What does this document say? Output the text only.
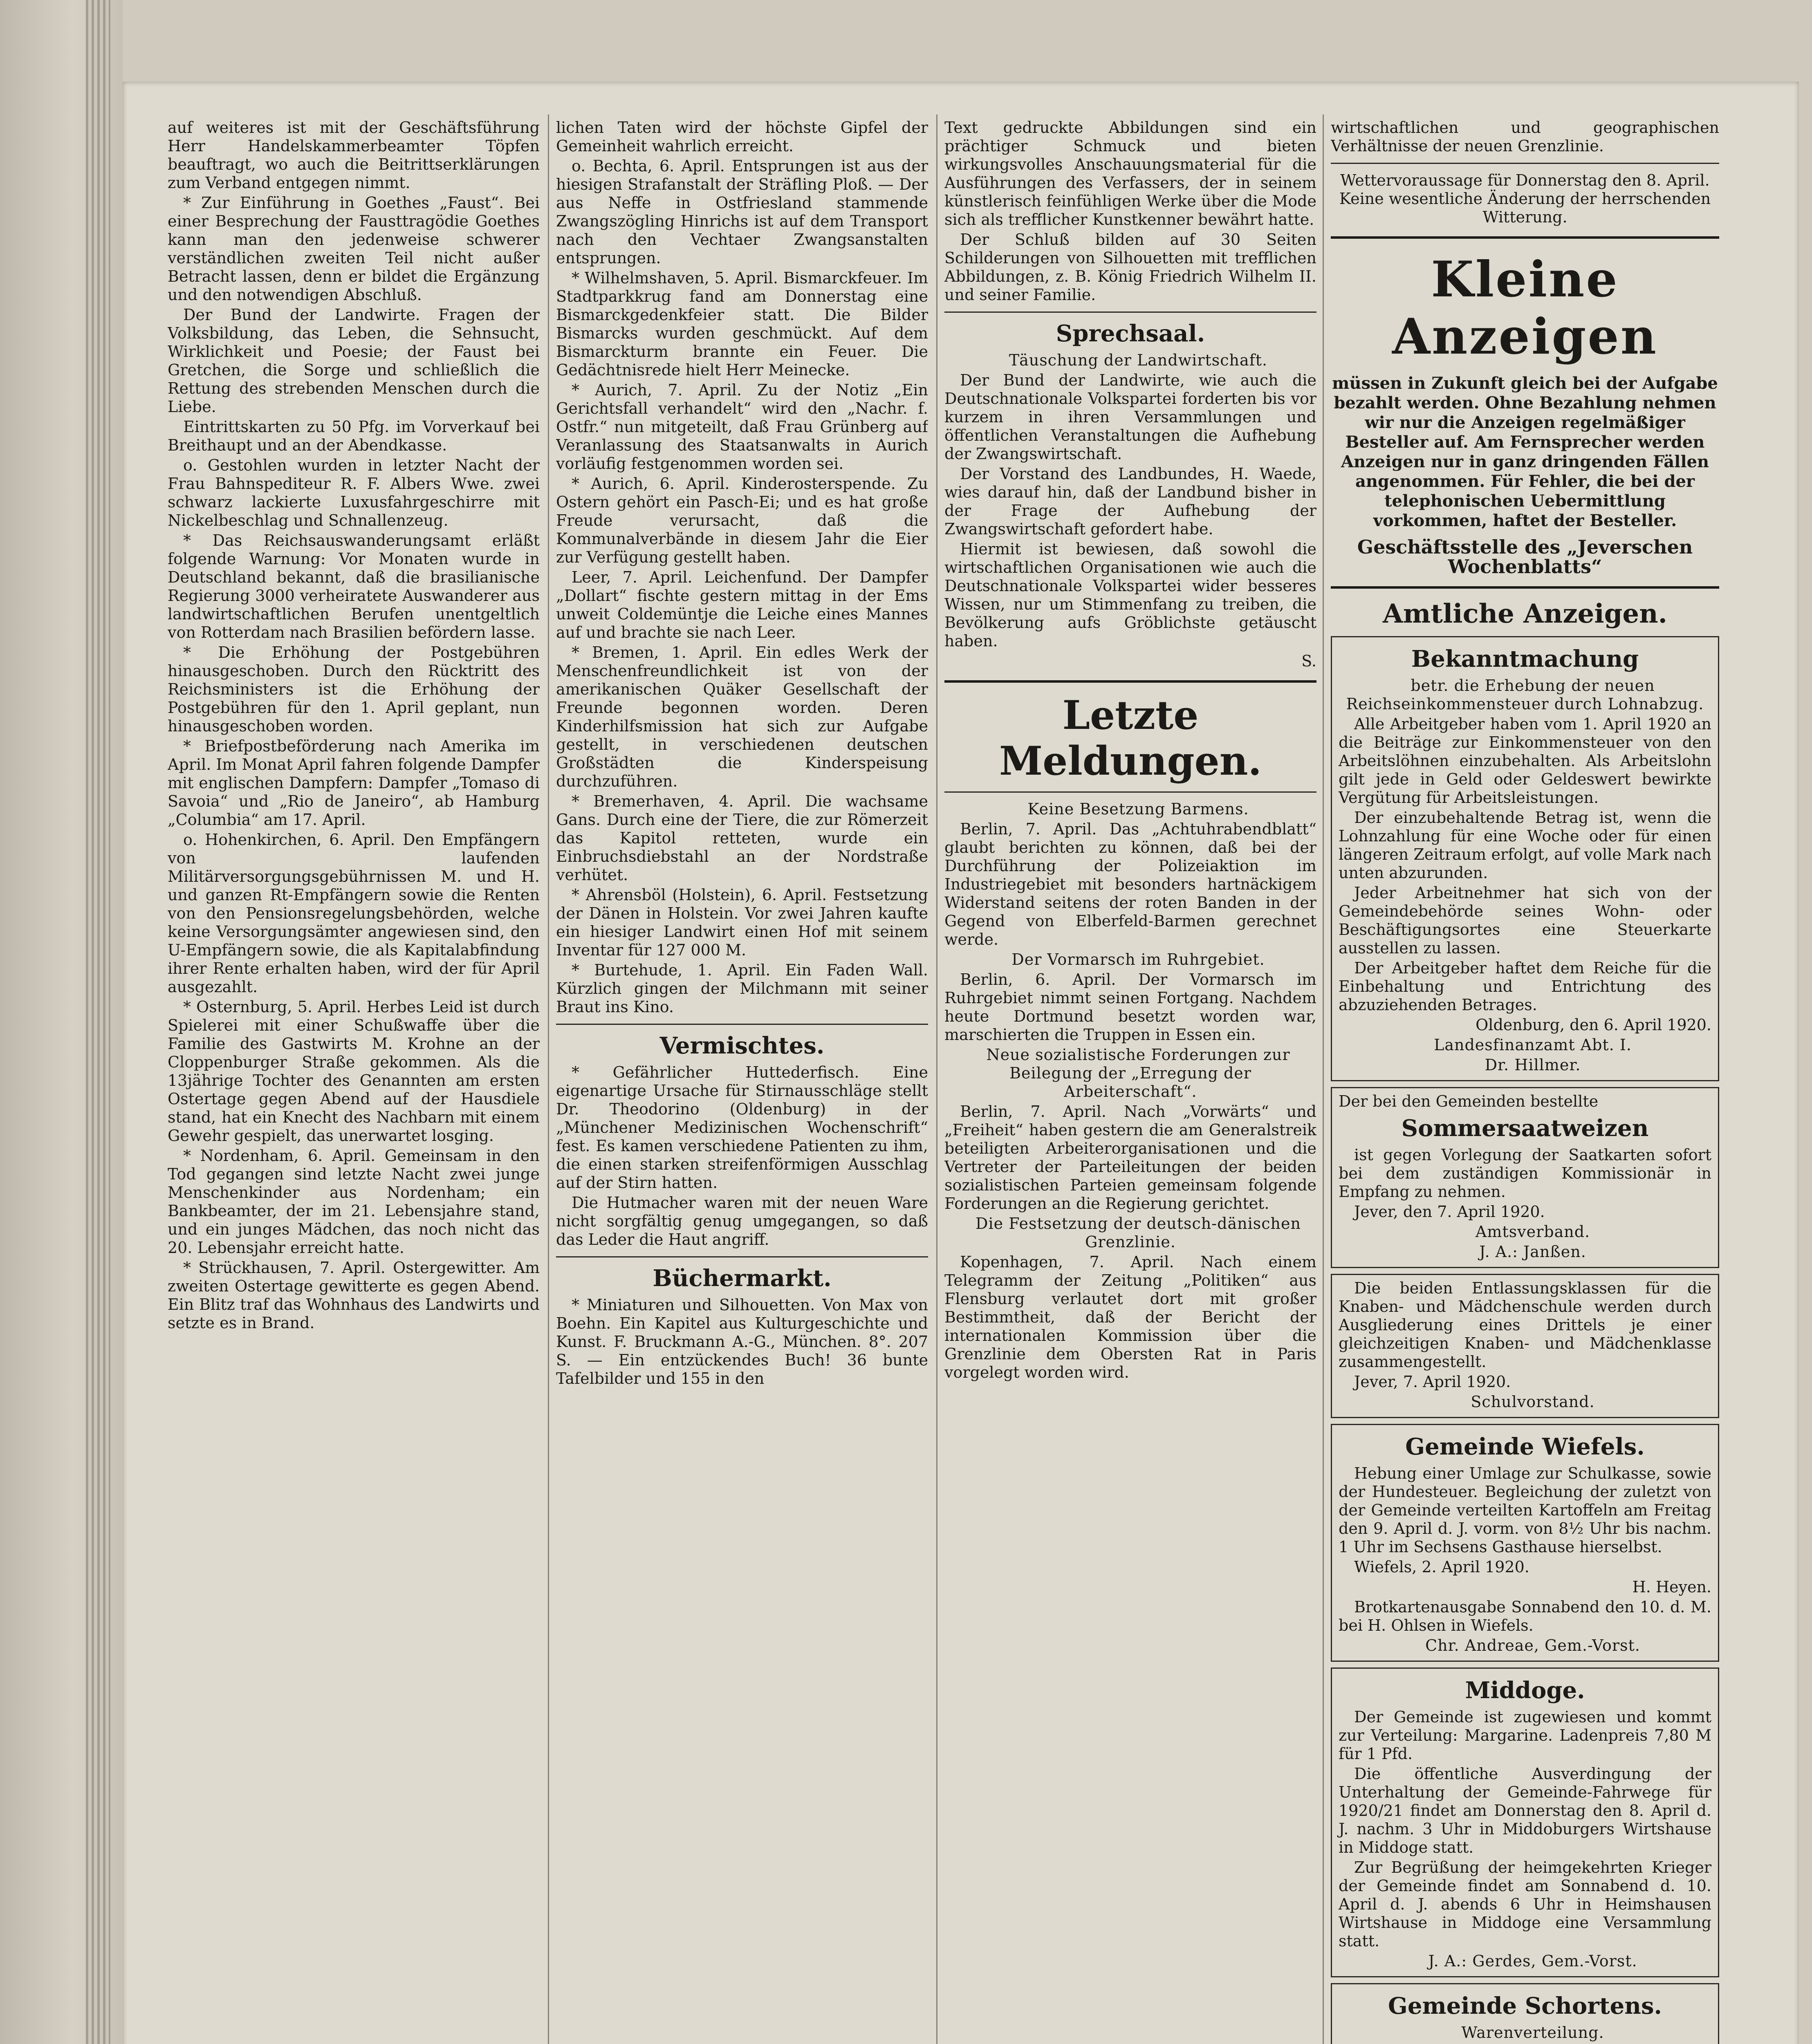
auf weiteres ist mit der Geschäftsführung Herr Handelskammerbeamter Töpfen beauftragt, wo auch die Beitrittserklärungen zum Verband entgegen nimmt.

* Zur Einführung in Goethes „Faust“. Bei einer Besprechung der Fausttragödie Goethes kann man den jedenweise schwerer verständlichen zweiten Teil nicht außer Betracht lassen, denn er bildet die Ergänzung und den notwendigen Abschluß.

Der Bund der Landwirte. Fragen der Volksbildung, das Leben, die Sehnsucht, Wirklichkeit und Poesie; der Faust bei Gretchen, die Sorge und schließlich die Rettung des strebenden Menschen durch die Liebe.

Eintrittskarten zu 50 Pfg. im Vorverkauf bei Breithaupt und an der Abendkasse.

o. Gestohlen wurden in letzter Nacht der Frau Bahnspediteur R. F. Albers Wwe. zwei schwarz lackierte Luxusfahrgeschirre mit Nickelbeschlag und Schnallenzeug.

* Das Reichsauswanderungsamt erläßt folgende Warnung: Vor Monaten wurde in Deutschland bekannt, daß die brasilianische Regierung 3000 verheiratete Auswanderer aus landwirtschaftlichen Berufen unentgeltlich von Rotterdam nach Brasilien befördern lasse.

* Die Erhöhung der Postgebühren hinausgeschoben. Durch den Rücktritt des Reichsministers ist die Erhöhung der Postgebühren für den 1. April geplant, nun hinausgeschoben worden.

* Briefpostbeförderung nach Amerika im April. Im Monat April fahren folgende Dampfer mit englischen Dampfern: Dampfer „Tomaso di Savoia“ und „Rio de Janeiro“, ab Hamburg „Columbia“ am 17. April.

o. Hohenkirchen, 6. April. Den Empfängern von laufenden Militärversorgungsgebührnissen M. und H. und ganzen Rt-Empfängern sowie die Renten von den Pensionsregelungsbehörden, welche keine Versorgungsämter angewiesen sind, den U-Empfängern sowie, die als Kapitalabfindung ihrer Rente erhalten haben, wird der für April ausgezahlt.

* Osternburg, 5. April. Herbes Leid ist durch Spielerei mit einer Schußwaffe über die Familie des Gastwirts M. Krohne an der Cloppenburger Straße gekommen. Als die 13jährige Tochter des Genannten am ersten Ostertage gegen Abend auf der Hausdiele stand, hat ein Knecht des Nachbarn mit einem Gewehr gespielt, das unerwartet losging.

* Nordenham, 6. April. Gemeinsam in den Tod gegangen sind letzte Nacht zwei junge Menschenkinder aus Nordenham; ein Bankbeamter, der im 21. Lebensjahre stand, und ein junges Mädchen, das noch nicht das 20. Lebensjahr erreicht hatte.

* Strückhausen, 7. April. Ostergewitter. Am zweiten Ostertage gewitterte es gegen Abend. Ein Blitz traf das Wohnhaus des Landwirts und setzte es in Brand.

lichen Taten wird der höchste Gipfel der Gemeinheit wahrlich erreicht.

o. Bechta, 6. April. Entsprungen ist aus der hiesigen Strafanstalt der Sträfling Ploß. — Der aus Neffe in Ostfriesland stammende Zwangszögling Hinrichs ist auf dem Transport nach den Vechtaer Zwangsanstalten entsprungen.

* Wilhelmshaven, 5. April. Bismarckfeuer. Im Stadtparkkrug fand am Donnerstag eine Bismarckgedenkfeier statt. Die Bilder Bismarcks wurden geschmückt. Auf dem Bismarckturm brannte ein Feuer. Die Gedächtnisrede hielt Herr Meinecke.

* Aurich, 7. April. Zu der Notiz „Ein Gerichtsfall verhandelt“ wird den „Nachr. f. Ostfr.“ nun mitgeteilt, daß Frau Grünberg auf Veranlassung des Staatsanwalts in Aurich vorläufig festgenommen worden sei.

* Aurich, 6. April. Kinderosterspende. Zu Ostern gehört ein Pasch-Ei; und es hat große Freude verursacht, daß die Kommunalverbände in diesem Jahr die Eier zur Verfügung gestellt haben.

Leer, 7. April. Leichenfund. Der Dampfer „Dollart“ fischte gestern mittag in der Ems unweit Coldemüntje die Leiche eines Mannes auf und brachte sie nach Leer.

* Bremen, 1. April. Ein edles Werk der Menschenfreundlichkeit ist von der amerikanischen Quäker Gesellschaft der Freunde begonnen worden. Deren Kinderhilfsmission hat sich zur Aufgabe gestellt, in verschiedenen deutschen Großstädten die Kinderspeisung durchzuführen.

* Bremerhaven, 4. April. Die wachsame Gans. Durch eine der Tiere, die zur Römerzeit das Kapitol retteten, wurde ein Einbruchsdiebstahl an der Nordstraße verhütet.

* Ahrensböl (Holstein), 6. April. Festsetzung der Dänen in Holstein. Vor zwei Jahren kaufte ein hiesiger Landwirt einen Hof mit seinem Inventar für 127 000 M.

* Burtehude, 1. April. Ein Faden Wall. Kürzlich gingen der Milchmann mit seiner Braut ins Kino.

Vermischtes.

* Gefährlicher Huttederfisch. Eine eigenartige Ursache für Stirnausschläge stellt Dr. Theodorino (Oldenburg) in der „Münchener Medizinischen Wochenschrift“ fest. Es kamen verschiedene Patienten zu ihm, die einen starken streifenförmigen Ausschlag auf der Stirn hatten.

Die Hutmacher waren mit der neuen Ware nicht sorgfältig genug umgegangen, so daß das Leder die Haut angriff.

Büchermarkt.

* Miniaturen und Silhouetten. Von Max von Boehn. Ein Kapitel aus Kulturgeschichte und Kunst. F. Bruckmann A.-G., München. 8°. 207 S. — Ein entzückendes Buch! 36 bunte Tafelbilder und 155 in den

Text gedruckte Abbildungen sind ein prächtiger Schmuck und bieten wirkungsvolles Anschauungsmaterial für die Ausführungen des Verfassers, der in seinem künstlerisch feinfühligen Werke über die Mode sich als trefflicher Kunstkenner bewährt hatte.

Der Schluß bilden auf 30 Seiten Schilderungen von Silhouetten mit trefflichen Abbildungen, z. B. König Friedrich Wilhelm II. und seiner Familie.

Sprechsaal.

Täuschung der Landwirtschaft.

Der Bund der Landwirte, wie auch die Deutschnationale Volkspartei forderten bis vor kurzem in ihren Versammlungen und öffentlichen Veranstaltungen die Aufhebung der Zwangswirtschaft.

Der Vorstand des Landbundes, H. Waede, wies darauf hin, daß der Landbund bisher in der Frage der Aufhebung der Zwangswirtschaft gefordert habe.

Hiermit ist bewiesen, daß sowohl die wirtschaftlichen Organisationen wie auch die Deutschnationale Volkspartei wider besseres Wissen, nur um Stimmenfang zu treiben, die Bevölkerung aufs Gröblichste getäuscht haben.

S.

Letzte Meldungen.

Keine Besetzung Barmens.

Berlin, 7. April. Das „Achtuhrabendblatt“ glaubt berichten zu können, daß bei der Durchführung der Polizeiaktion im Industriegebiet mit besonders hartnäckigem Widerstand seitens der roten Banden in der Gegend von Elberfeld-Barmen gerechnet werde.

Der Vormarsch im Ruhrgebiet.

Berlin, 6. April. Der Vormarsch im Ruhrgebiet nimmt seinen Fortgang. Nachdem heute Dortmund besetzt worden war, marschierten die Truppen in Essen ein.

Neue sozialistische Forderungen zur Beilegung der „Erregung der Arbeiterschaft“.

Berlin, 7. April. Nach „Vorwärts“ und „Freiheit“ haben gestern die am Generalstreik beteiligten Arbeiterorganisationen und die Vertreter der Parteileitungen der beiden sozialistischen Parteien gemeinsam folgende Forderungen an die Regierung gerichtet.

Die Festsetzung der deutsch-dänischen Grenzlinie.

Kopenhagen, 7. April. Nach einem Telegramm der Zeitung „Politiken“ aus Flensburg verlautet dort mit großer Bestimmtheit, daß der Bericht der internationalen Kommission über die Grenzlinie dem Obersten Rat in Paris vorgelegt worden wird.

wirtschaftlichen und geographischen Verhältnisse der neuen Grenzlinie.

Wettervoraussage für Donnerstag den 8. April. Keine wesentliche Änderung der herrschenden Witterung.

Kleine Anzeigen
müssen in Zukunft gleich bei der Aufgabe bezahlt werden. Ohne Bezahlung nehmen wir nur die Anzeigen regelmäßiger Besteller auf. Am Fernsprecher werden Anzeigen nur in ganz dringenden Fällen angenommen. Für Fehler, die bei der telephonischen Uebermittlung vorkommen, haftet der Besteller.
Geschäftsstelle des „Jeverschen Wochenblatts“
Amtliche Anzeigen.
Bekanntmachung

betr. die Erhebung der neuen Reichseinkommensteuer durch Lohnabzug.

Alle Arbeitgeber haben vom 1. April 1920 an die Beiträge zur Einkommensteuer von den Arbeitslöhnen einzubehalten. Als Arbeitslohn gilt jede in Geld oder Geldeswert bewirkte Vergütung für Arbeitsleistungen.

Der einzubehaltende Betrag ist, wenn die Lohnzahlung für eine Woche oder für einen längeren Zeitraum erfolgt, auf volle Mark nach unten abzurunden.

Jeder Arbeitnehmer hat sich von der Gemeindebehörde seines Wohn- oder Beschäftigungsortes eine Steuerkarte ausstellen zu lassen.

Der Arbeitgeber haftet dem Reiche für die Einbehaltung und Entrichtung des abzuziehenden Betrages.

Oldenburg, den 6. April 1920.

Landesfinanzamt Abt. I.

Dr. Hillmer.

Der bei den Gemeinden bestellte

Sommersaatweizen

ist gegen Vorlegung der Saatkarten sofort bei dem zuständigen Kommissionär in Empfang zu nehmen.

Jever, den 7. April 1920.

Amtsverband.

J. A.: Janßen.

Die beiden Entlassungsklassen für die Knaben- und Mädchenschule werden durch Ausgliederung eines Drittels je einer gleichzeitigen Knaben- und Mädchenklasse zusammengestellt.

Jever, 7. April 1920.

Schulvorstand.

Gemeinde Wiefels.

Hebung einer Umlage zur Schulkasse, sowie der Hundesteuer. Begleichung der zuletzt von der Gemeinde verteilten Kartoffeln am Freitag den 9. April d. J. vorm. von 8½ Uhr bis nachm. 1 Uhr im Sechsens Gasthause hierselbst.

Wiefels, 2. April 1920.

H. Heyen.

Brotkartenausgabe Sonnabend den 10. d. M. bei H. Ohlsen in Wiefels.

Chr. Andreae, Gem.-Vorst.

Middoge.

Der Gemeinde ist zugewiesen und kommt zur Verteilung: Margarine. Ladenpreis 7,80 M für 1 Pfd.

Die öffentliche Ausverdingung der Unterhaltung der Gemeinde-Fahrwege für 1920/21 findet am Donnerstag den 8. April d. J. nachm. 3 Uhr in Middoburgers Wirtshause in Middoge statt.

Zur Begrüßung der heimgekehrten Krieger der Gemeinde findet am Sonnabend d. 10. April d. J. abends 6 Uhr in Heimshausen Wirtshause in Middoge eine Versammlung statt.

J. A.: Gerdes, Gem.-Vorst.

Gemeinde Schortens.

Warenverteilung.
